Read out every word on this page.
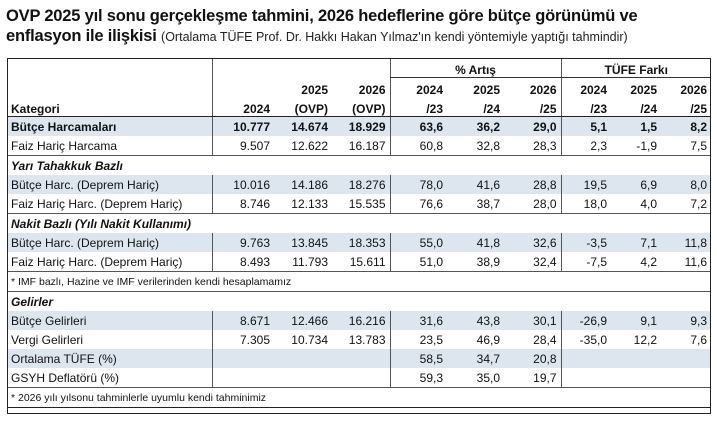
OVP 2025 yıl sonu gerçekleşme tahmini, 2026 hedeflerine göre bütçe görünümü ve
enflasyon ile ilişkisi (Ortalama TÜFE Prof. Dr. Hakkı Hakan Yılmaz'ın kendi yöntemiyle yaptığı tahmindir)
				% Artış			TÜFE Farkı		
		2025	2026	2024	2025	2026	2024	2025	2026
Kategori	2024	(OVP)	(OVP)	/23	/24	/25	/23	/24	/25
Bütçe Harcamaları	10.777	14.674	18.929	63,6	36,2	29,0	5,1	1,5	8,2
Faiz Hariç Harcama	9.507	12.622	16.187	60,8	32,8	28,3	2,3	-1,9	7,5
Yarı Tahakkuk Bazlı									
Bütçe Harc. (Deprem Hariç)	10.016	14.186	18.276	78,0	41,6	28,8	19,5	6,9	8,0
Faiz Hariç Harc. (Deprem Hariç)	8.746	12.133	15.535	76,6	38,7	28,0	18,0	4,0	7,2
Nakit Bazlı (Yılı Nakit Kullanımı)									
Bütçe Harc. (Deprem Hariç)	9.763	13.845	18.353	55,0	41,8	32,6	-3,5	7,1	11,8
Faiz Hariç Harc. (Deprem Hariç)	8.493	11.793	15.611	51,0	38,9	32,4	-7,5	4,2	11,6
* IMF bazlı, Hazine ve IMF verilerinden kendi hesaplamamız									
Gelirler									
Bütçe Gelirleri	8.671	12.466	16.216	31,6	43,8	30,1	-26,9	9,1	9,3
Vergi Gelirleri	7.305	10.734	13.783	23,5	46,9	28,4	-35,0	12,2	7,6
Ortalama TÜFE (%)				58,5	34,7	20,8			
GSYH Deflatörü (%)				59,3	35,0	19,7			
* 2026 yılı yılsonu tahminlerle uyumlu kendi tahminimiz									
